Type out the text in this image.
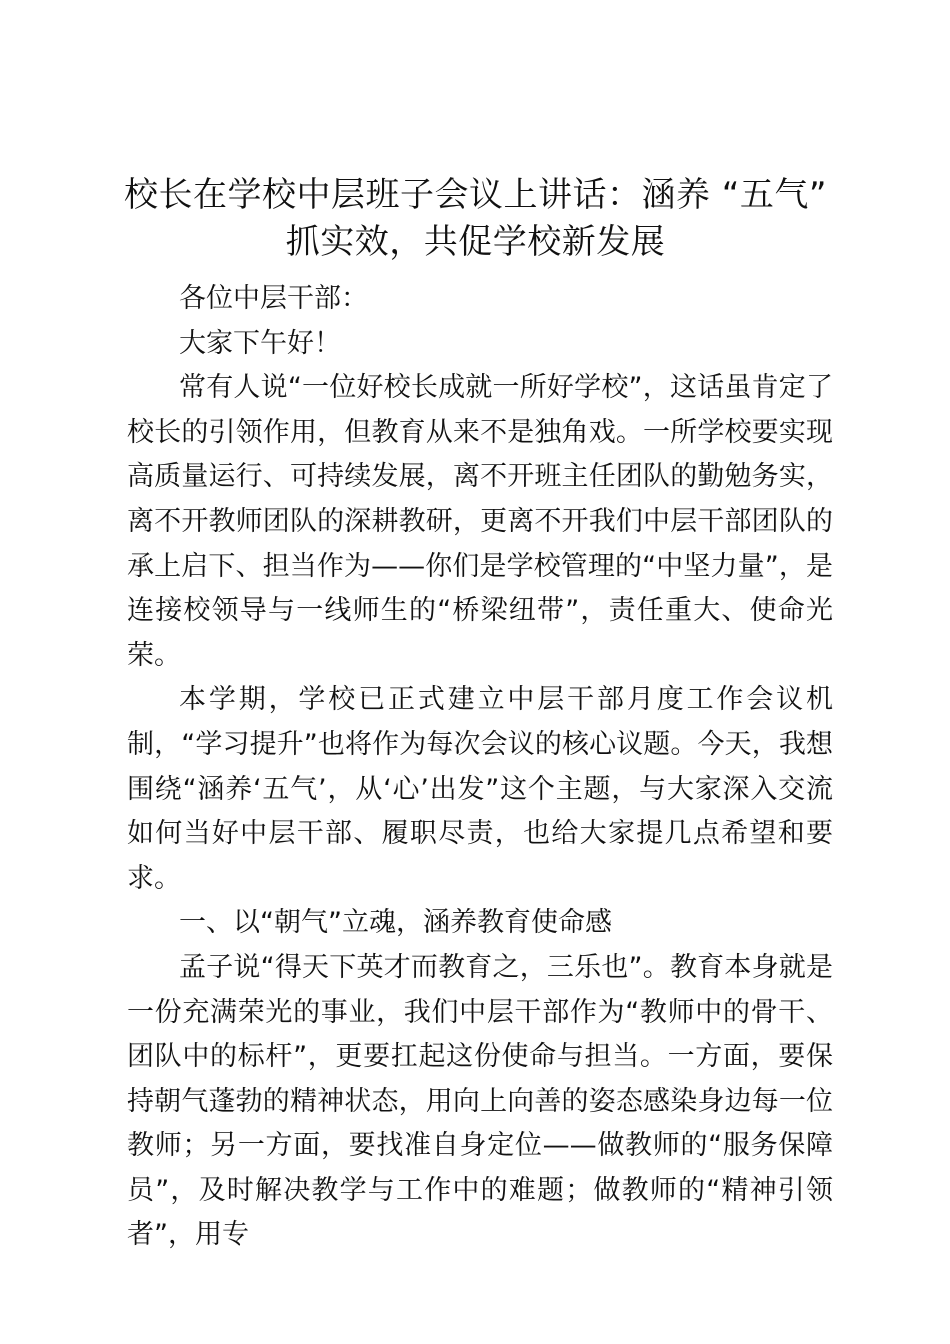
校长在学校中层班子会议上讲话：涵养 “五气” 抓实效，共促学校新发展

各位中层干部：

大家下午好！

常有人说“一位好校长成就一所好学校”，这话虽肯定了校长的引领作用，但教育从来不是独角戏。一所学校要实现高质量运行、可持续发展，离不开班主任团队的勤勉务实，离不开教师团队的深耕教研，更离不开我们中层干部团队的承上启下、担当作为——你们是学校管理的“中坚力量”，是连接校领导与一线师生的“桥梁纽带”，责任重大、使命光荣。

本学期，学校已正式建立中层干部月度工作会议机制，“学习提升”也将作为每次会议的核心议题。今天，我想围绕“涵养‘五气’，从‘心’出发”这个主题，与大家深入交流如何当好中层干部、履职尽责，也给大家提几点希望和要求。

一、以“朝气”立魂，涵养教育使命感

孟子说“得天下英才而教育之，三乐也”。教育本身就是一份充满荣光的事业，我们中层干部作为“教师中的骨干、团队中的标杆”，更要扛起这份使命与担当。一方面，要保持朝气蓬勃的精神状态，用向上向善的姿态感染身边每一位教师；另一方面，要找准自身定位——做教师的“服务保障员”，及时解决教学与工作中的难题；做教师的“精神引领者”，用专
